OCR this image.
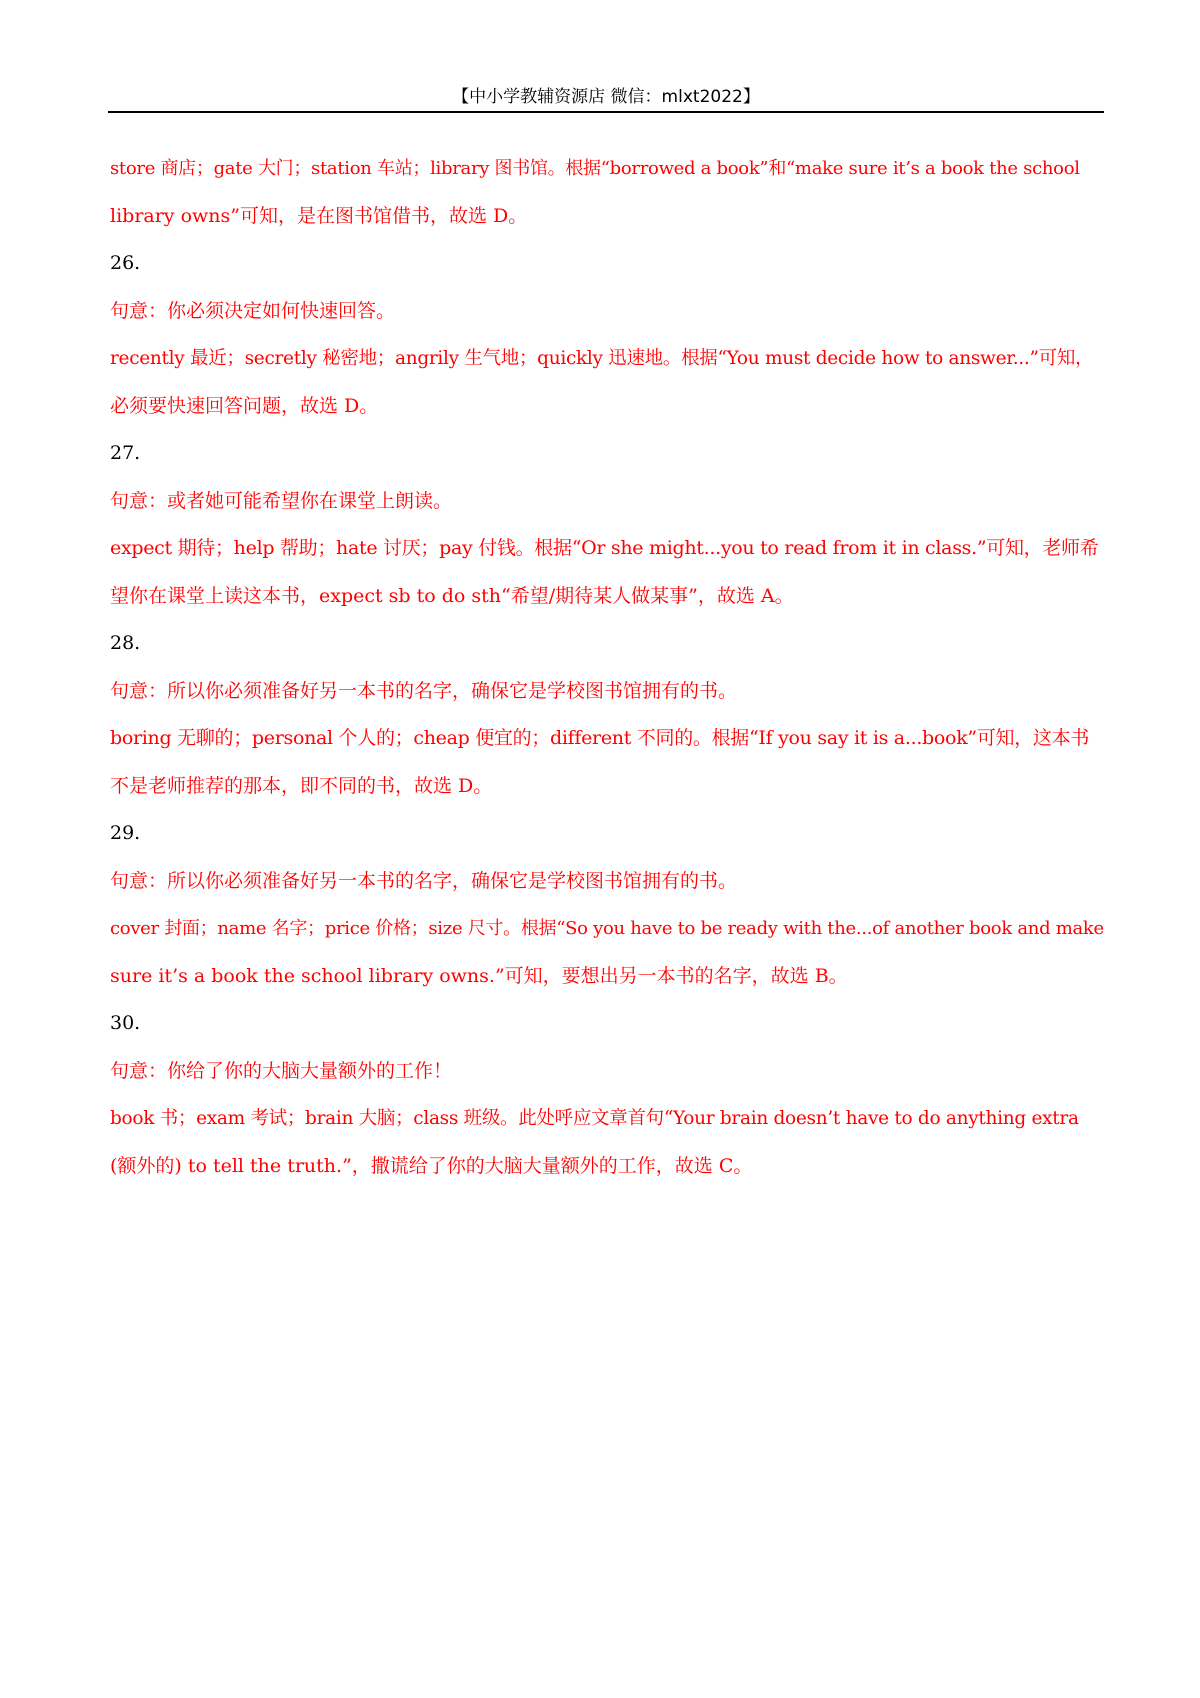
【中小学教辅资源店 微信：mlxt2022】
store 商店；gate 大门；station 车站；library 图书馆。根据“borrowed a book”和“make sure it’s a book the school
library owns”可知，是在图书馆借书，故选 D。
26.
句意：你必须决定如何快速回答。
recently 最近；secretly 秘密地；angrily 生气地；quickly 迅速地。根据“You must decide how to answer...”可知，
必须要快速回答问题，故选 D。
27.
句意：或者她可能希望你在课堂上朗读。
expect 期待；help 帮助；hate 讨厌；pay 付钱。根据“Or she might...you to read from it in class.”可知，老师希
望你在课堂上读这本书，expect sb to do sth“希望/期待某人做某事”，故选 A。
28.
句意：所以你必须准备好另一本书的名字，确保它是学校图书馆拥有的书。
boring 无聊的；personal 个人的；cheap 便宜的；different 不同的。根据“If you say it is a...book”可知，这本书
不是老师推荐的那本，即不同的书，故选 D。
29.
句意：所以你必须准备好另一本书的名字，确保它是学校图书馆拥有的书。
cover 封面；name 名字；price 价格；size 尺寸。根据“So you have to be ready with the...of another book and make
sure it’s a book the school library owns.”可知，要想出另一本书的名字，故选 B。
30.
句意：你给了你的大脑大量额外的工作！
book 书；exam 考试；brain 大脑；class 班级。此处呼应文章首句“Your brain doesn’t have to do anything extra
(额外的) to tell the truth.”，撒谎给了你的大脑大量额外的工作，故选 C。
